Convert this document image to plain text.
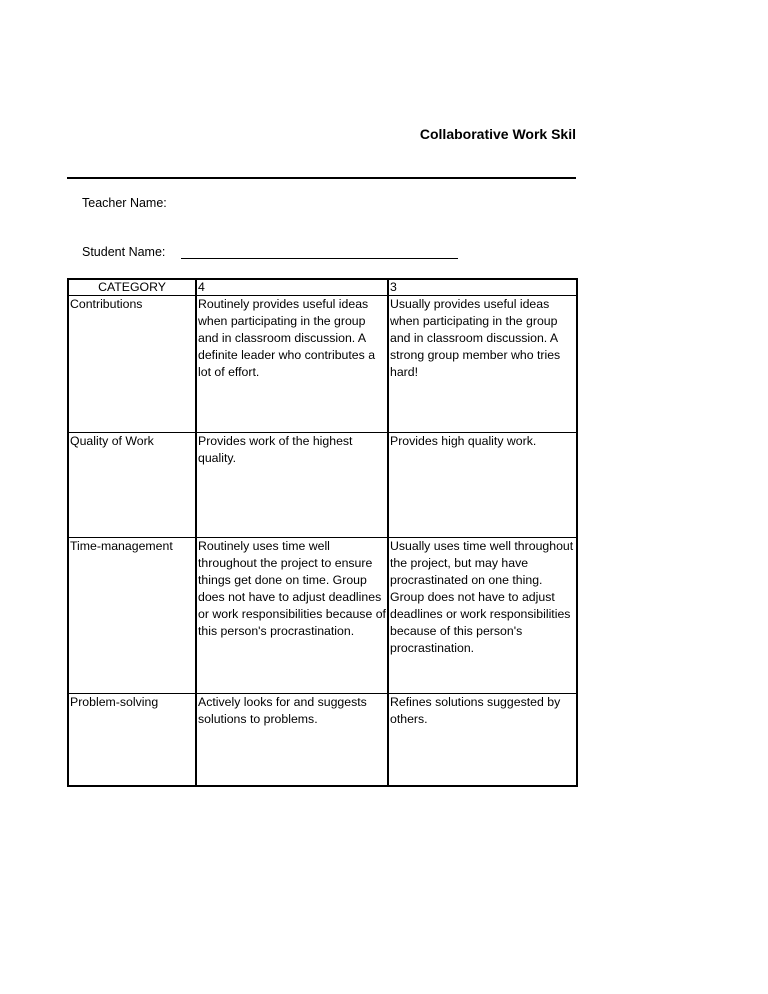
Collaborative Work Skil
Teacher Name:
Student Name:
CATEGORY	4	3
Contributions	Routinely provides useful ideas when participating in the group and in classroom discussion. A definite leader who contributes a lot of effort.	Usually provides useful ideas when participating in the group and in classroom discussion. A strong group member who tries hard!
Quality of Work	Provides work of the highest quality.	Provides high quality work.
Time-management	Routinely uses time well throughout the project to ensure things get done on time. Group does not have to adjust deadlines or work responsibilities because of this person's procrastination.	Usually uses time well throughout the project, but may have procrastinated on one thing. Group does not have to adjust deadlines or work responsibilities because of this person's procrastination.
Problem-solving	Actively looks for and suggests solutions to problems.	Refines solutions suggested by others.
